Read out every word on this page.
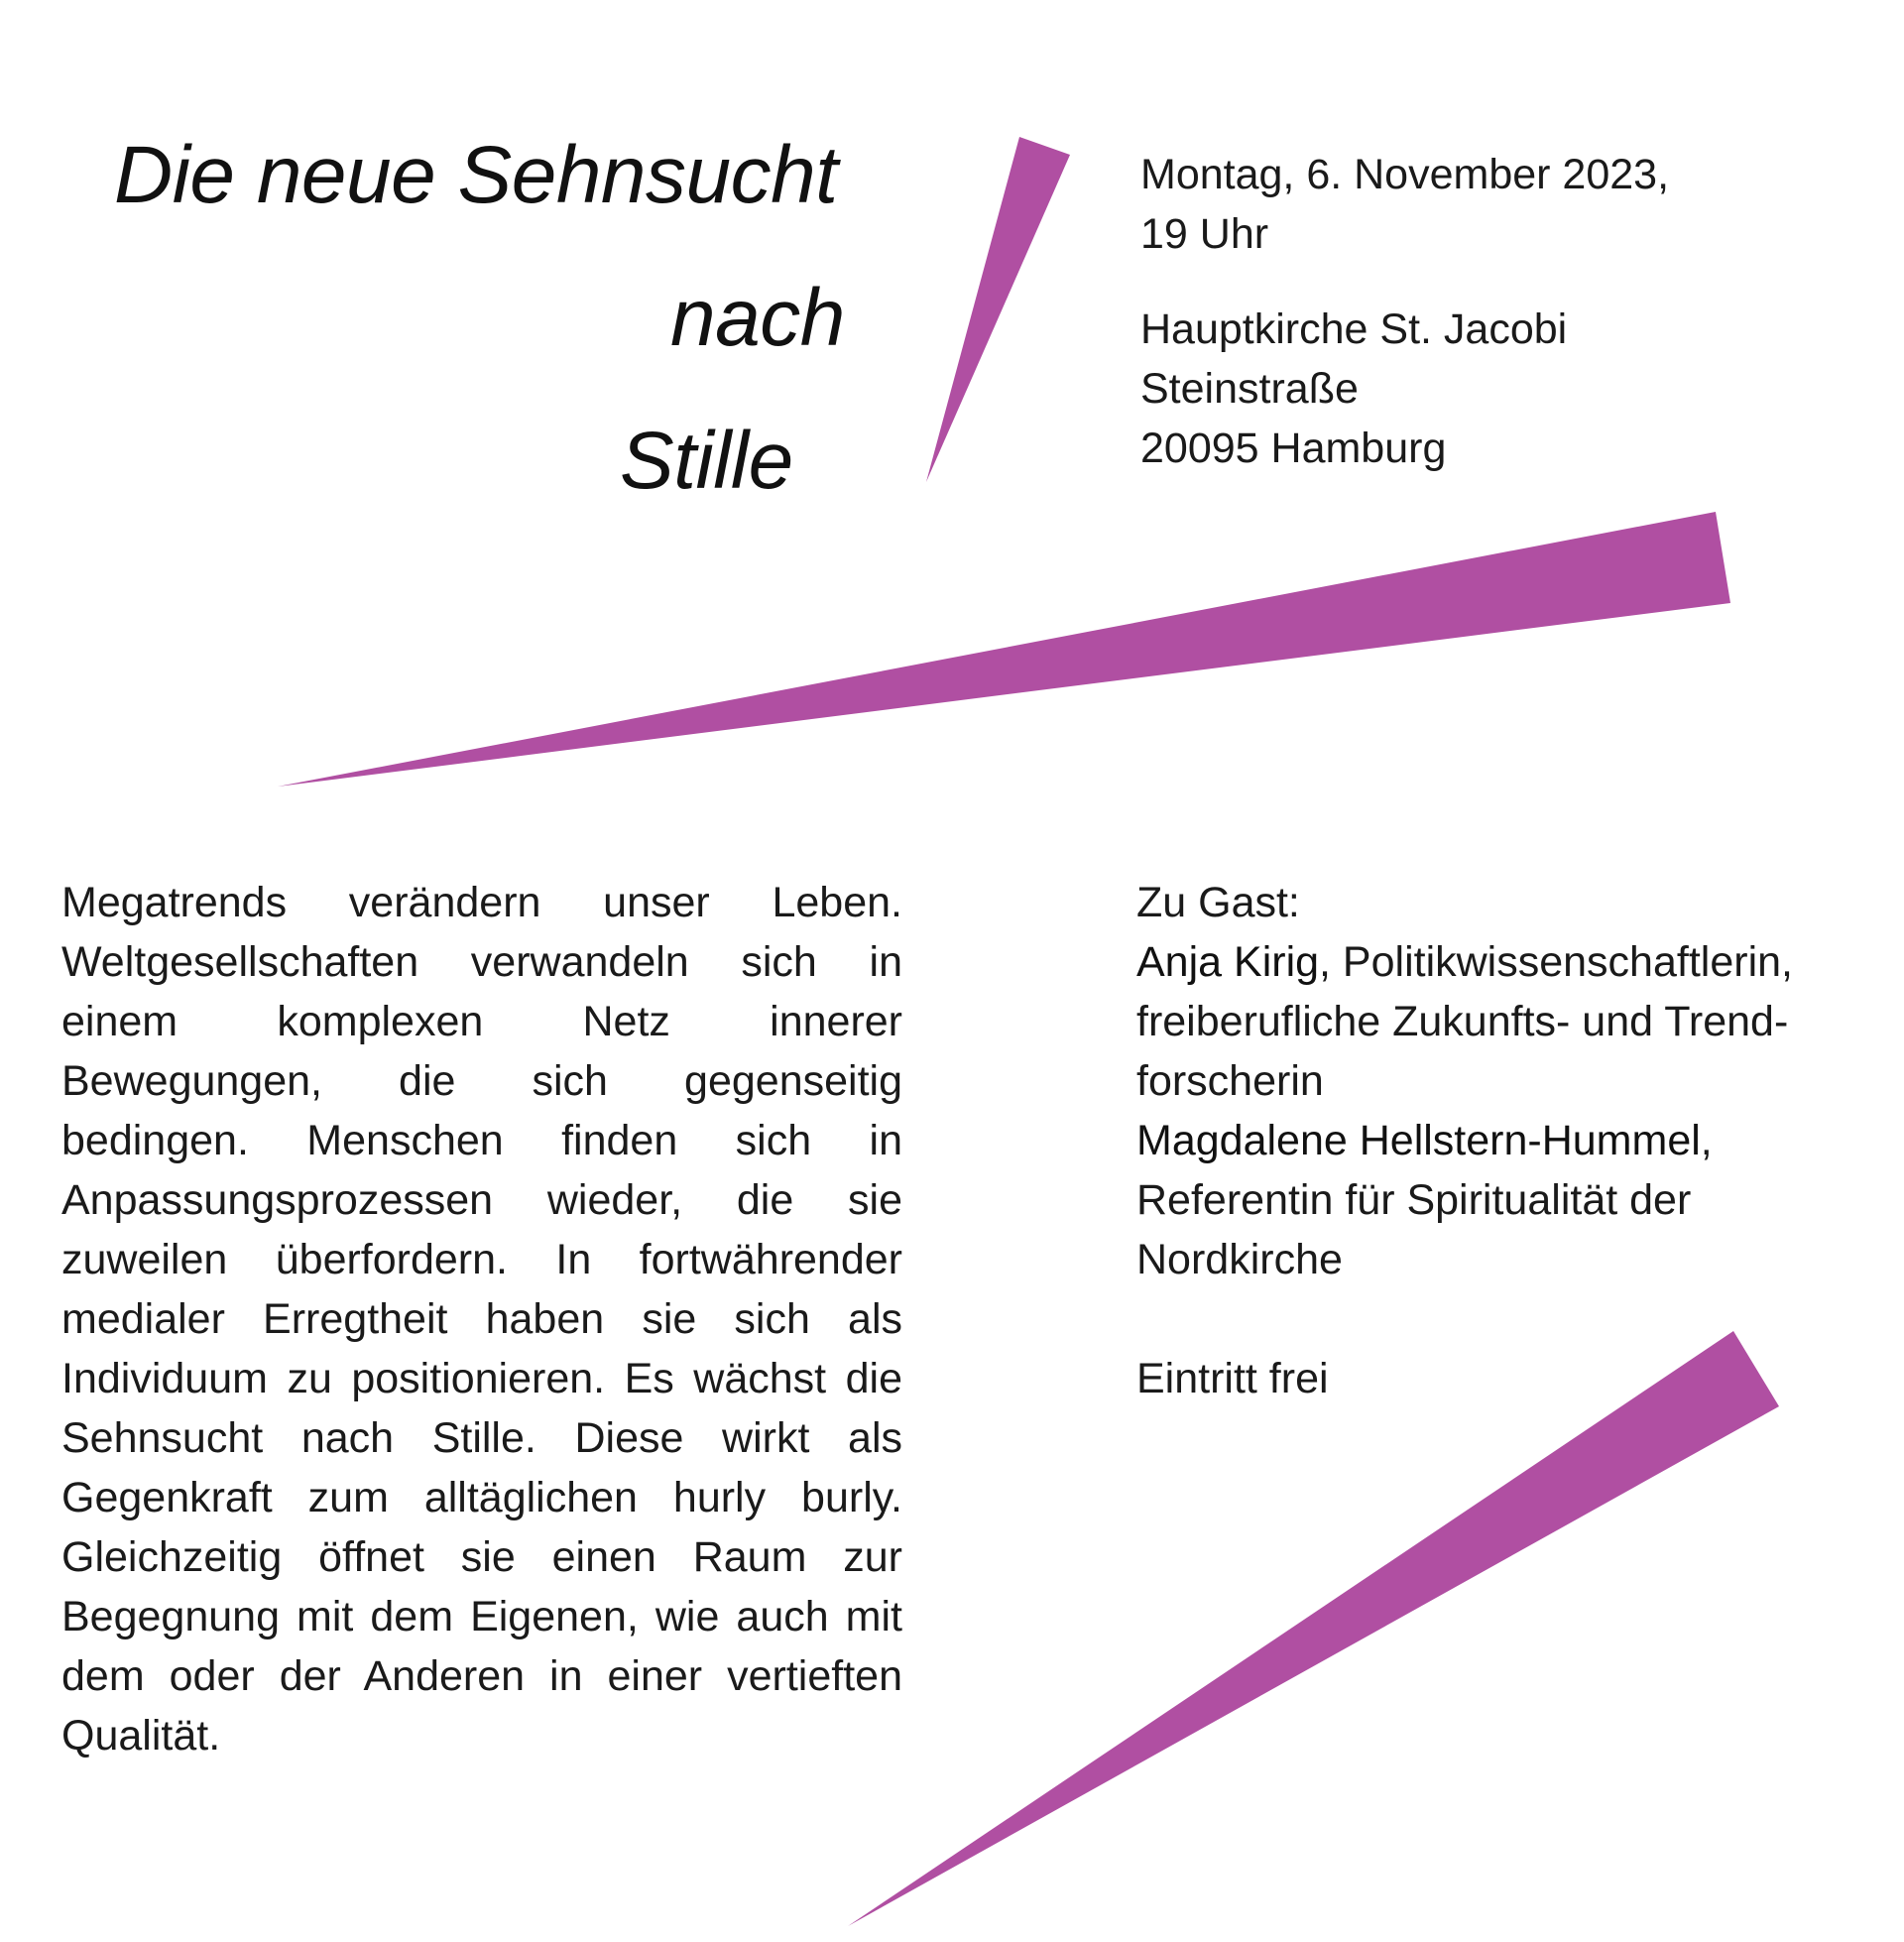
Die neue Sehnsucht
nach
Stille
Montag, 6. November 2023,
19 Uhr
Hauptkirche St. Jacobi
Steinstraße
20095 Hamburg
Megatrends verändern unser Leben. Weltgesellschaften verwandeln sich in einem komplexen Netz innerer Bewegungen, die sich gegenseitig bedingen. Menschen finden sich in Anpassungsprozessen wieder, die sie zuweilen überfordern. In fortwährender medialer Erregtheit haben sie sich als Individuum zu positionieren. Es wächst die Sehnsucht nach Stille. Diese wirkt als Gegenkraft zum alltäglichen hurly burly. Gleichzeitig öffnet sie einen Raum zur Begegnung mit dem Eigenen, wie auch mit dem oder der Anderen in einer vertieften Qualität.
Zu Gast:
Anja Kirig, Politikwissenschaftlerin,
freiberufliche Zukunfts- und Trend-
forscherin
Magdalene Hellstern-Hummel,
Referentin für Spiritualität der
Nordkirche
Eintritt frei
